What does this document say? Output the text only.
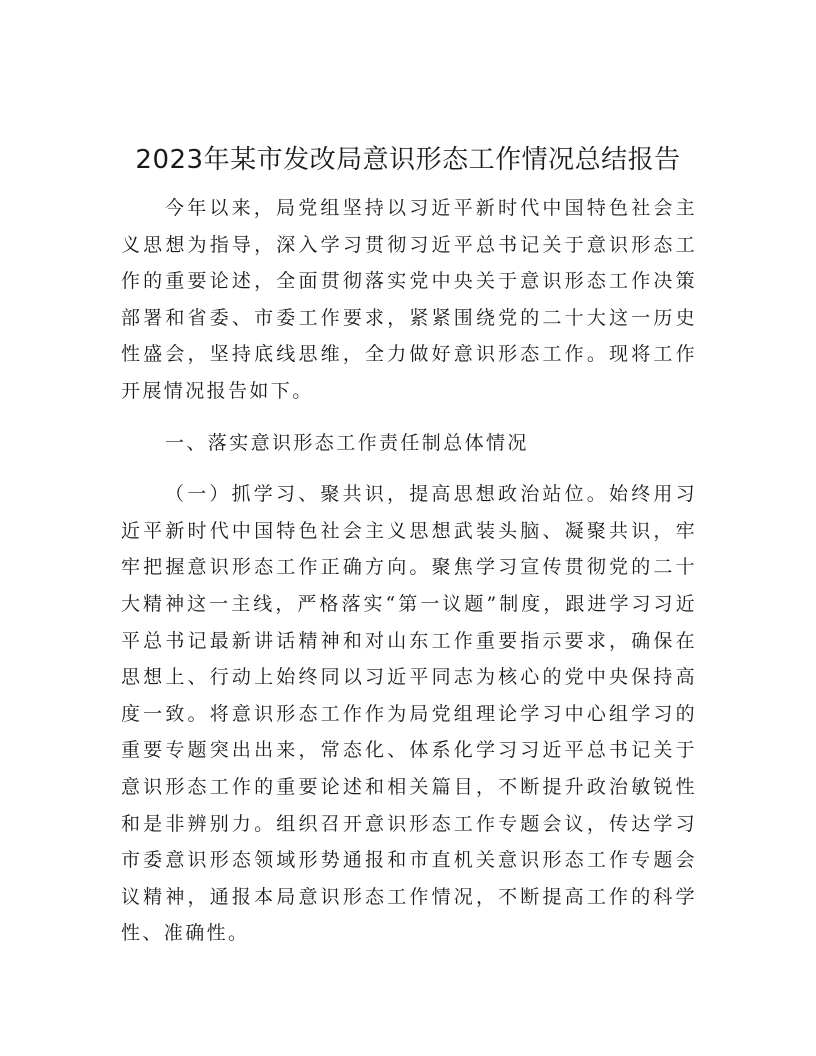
2023年某市发改局意识形态工作情况总结报告

今年以来，局党组坚持以习近平新时代中国特色社会主义思想为指导，深入学习贯彻习近平总书记关于意识形态工作的重要论述，全面贯彻落实党中央关于意识形态工作决策部署和省委、市委工作要求，紧紧围绕党的二十大这一历史性盛会，坚持底线思维，全力做好意识形态工作。现将工作开展情况报告如下。

一、落实意识形态工作责任制总体情况

（一）抓学习、聚共识，提高思想政治站位。始终用习近平新时代中国特色社会主义思想武装头脑、凝聚共识，牢牢把握意识形态工作正确方向。聚焦学习宣传贯彻党的二十大精神这一主线，严格落实“第一议题”制度，跟进学习习近平总书记最新讲话精神和对山东工作重要指示要求，确保在思想上、行动上始终同以习近平同志为核心的党中央保持高度一致。将意识形态工作作为局党组理论学习中心组学习的重要专题突出出来，常态化、体系化学习习近平总书记关于意识形态工作的重要论述和相关篇目，不断提升政治敏锐性和是非辨别力。组织召开意识形态工作专题会议，传达学习市委意识形态领域形势通报和市直机关意识形态工作专题会议精神，通报本局意识形态工作情况，不断提高工作的科学性、准确性。
